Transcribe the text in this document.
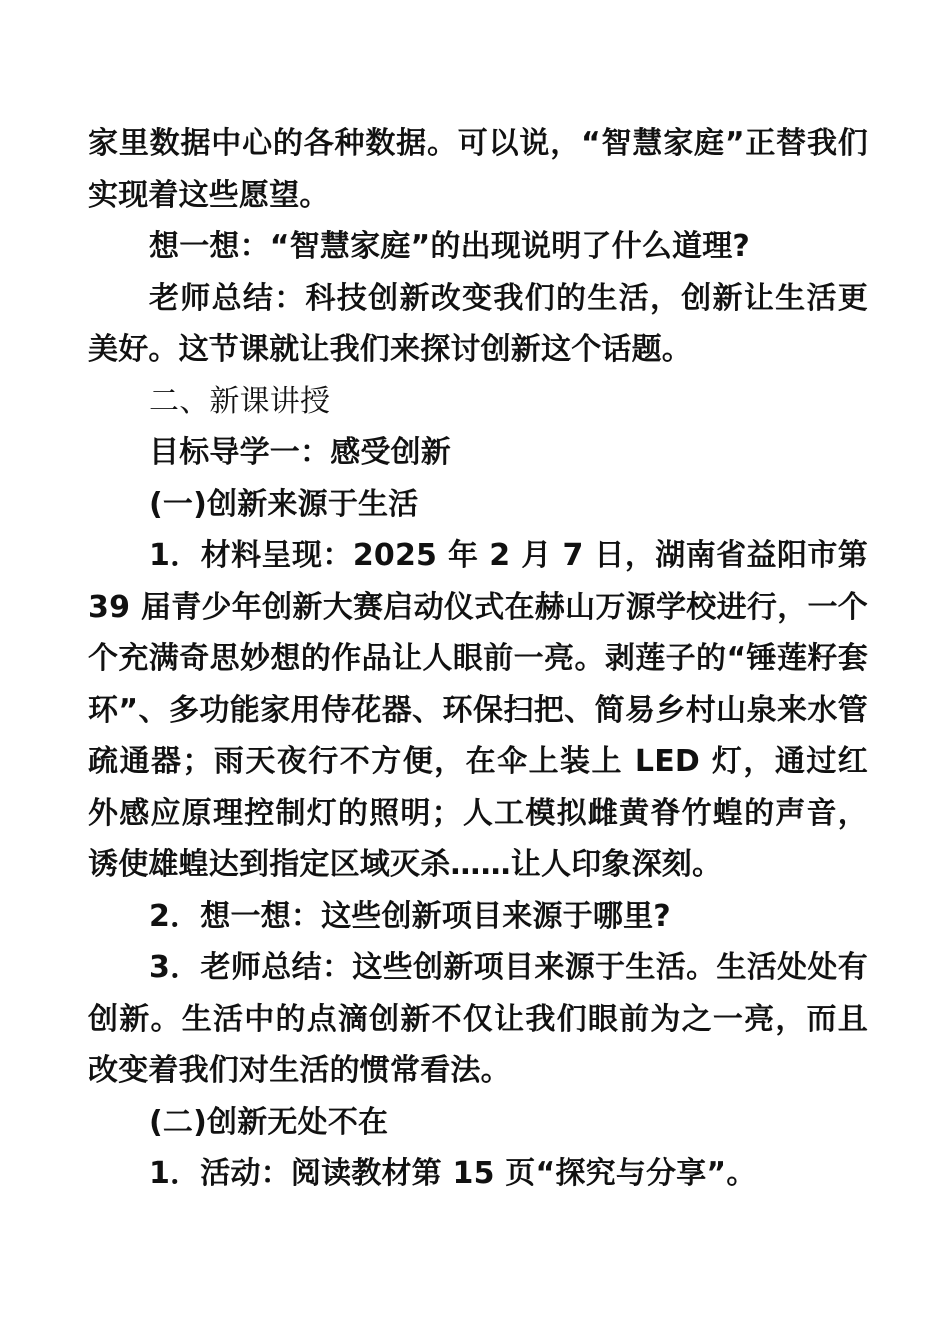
家里数据中心的各种数据。可以说，“智慧家庭”正替我们实现着这些愿望。

想一想：“智慧家庭”的出现说明了什么道理?

老师总结：科技创新改变我们的生活，创新让生活更美好。这节课就让我们来探讨创新这个话题。

二、新课讲授

目标导学一：感受创新

(一)创新来源于生活

1．材料呈现：2025 年 2 月 7 日，湖南省益阳市第 39 届青少年创新大赛启动仪式在赫山万源学校进行，一个个充满奇思妙想的作品让人眼前一亮。剥莲子的“锤莲籽套环”、多功能家用侍花器、环保扫把、简易乡村山泉来水管疏通器；雨天夜行不方便，在伞上装上 LED 灯，通过红外感应原理控制灯的照明；人工模拟雌黄脊竹蝗的声音，诱使雄蝗达到指定区域灭杀……让人印象深刻。

2．想一想：这些创新项目来源于哪里?

3．老师总结：这些创新项目来源于生活。生活处处有创新。生活中的点滴创新不仅让我们眼前为之一亮，而且改变着我们对生活的惯常看法。

(二)创新无处不在

1．活动：阅读教材第 15 页“探究与分享”。
